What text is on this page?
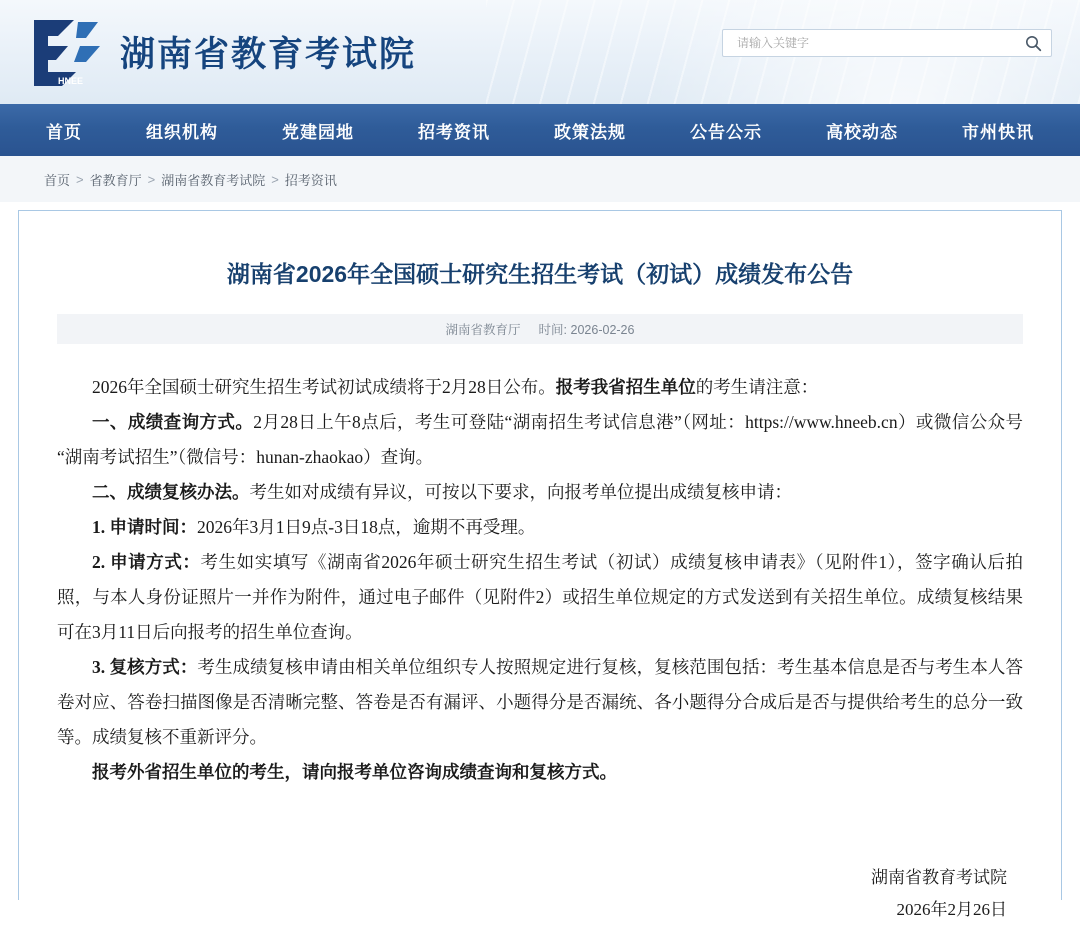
HNEE
湖南省教育考试院
请输入关键字
首页	组织机构	党建园地	招考资讯	政策法规	公告公示	高校动态	市州快讯
首页 > 省教育厅 > 湖南省教育考试院 > 招考资讯
湖南省2026年全国硕士研究生招生考试（初试）成绩发布公告
湖南省教育厅 时间: 2026-02-26

2026年全国硕士研究生招生考试初试成绩将于2月28日公布。报考我省招生单位的考生请注意：

一、成绩查询方式。2月28日上午8点后，考生可登陆“湖南招生考试信息港”（网址：https://www.hneeb.cn）或微信公众号“湖南考试招生”（微信号：hunan-zhaokao）查询。

二、成绩复核办法。考生如对成绩有异议，可按以下要求，向报考单位提出成绩复核申请：

1. 申请时间：2026年3月1日9点-3日18点，逾期不再受理。

2. 申请方式：考生如实填写《湖南省2026年硕士研究生招生考试（初试）成绩复核申请表》（见附件1），签字确认后拍照，与本人身份证照片一并作为附件，通过电子邮件（见附件2）或招生单位规定的方式发送到有关招生单位。成绩复核结果可在3月11日后向报考的招生单位查询。

3. 复核方式：考生成绩复核申请由相关单位组织专人按照规定进行复核，复核范围包括：考生基本信息是否与考生本人答卷对应、答卷扫描图像是否清晰完整、答卷是否有漏评、小题得分是否漏统、各小题得分合成后是否与提供给考生的总分一致等。成绩复核不重新评分。

报考外省招生单位的考生，请向报考单位咨询成绩查询和复核方式。

湖南省教育考试院
2026年2月26日
